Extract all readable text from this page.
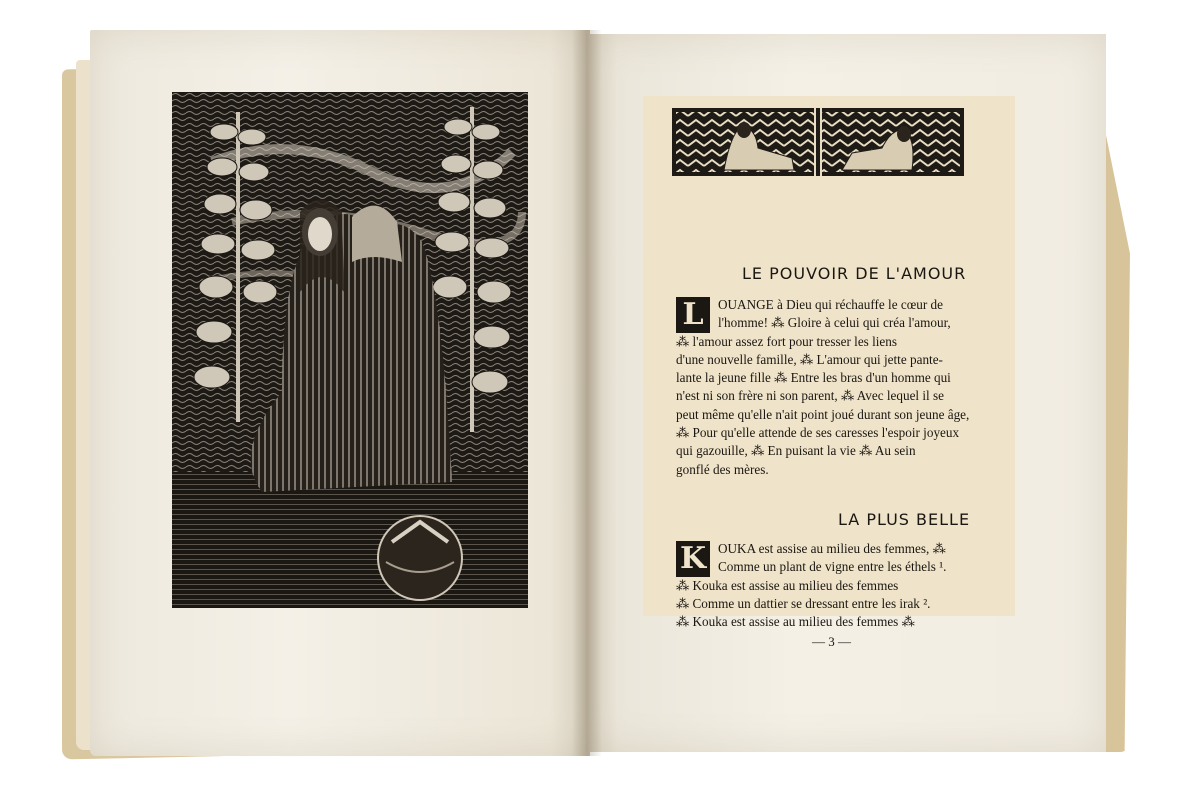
LE POUVOIR DE L'AMOUR
L	OUANGE à Dieu qui réchauffe le cœur de
l'homme! ⁂ Gloire à celui qui créa l'amour,
⁂ l'amour assez fort pour tresser les liens
d'une nouvelle famille, ⁂ L'amour qui jette pante-
lante la jeune fille ⁂ Entre les bras d'un homme qui
n'est ni son frère ni son parent, ⁂ Avec lequel il se
peut même qu'elle n'ait point joué durant son jeune âge,
⁂ Pour qu'elle attende de ses caresses l'espoir joyeux
qui gazouille, ⁂ En puisant la vie ⁂ Au sein
gonflé des mères.
LA PLUS BELLE
K OUKA est assise au milieu des femmes, ⁂
Comme un plant de vigne entre les éthels ¹.
⁂ Kouka est assise au milieu des femmes
⁂ Comme un dattier se dressant entre les irak ².
⁂ Kouka est assise au milieu des femmes ⁂
— 3 —
